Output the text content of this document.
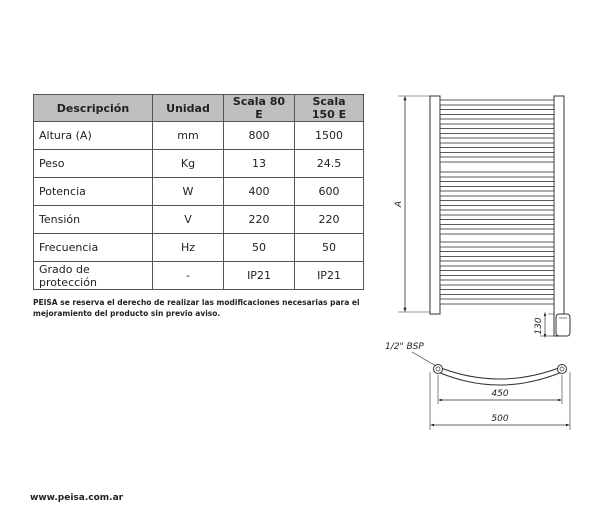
Descripción	Unidad	Scala 80 E	Scala 150 E
Altura (A)	mm	800	1500
Peso	Kg	13	24.5
Potencia	W	400	600
Tensión	V	220	220
Frecuencia	Hz	50	50
Grado de protección	-	IP21	IP21
PEISA se reserva el derecho de realizar las modificaciones necesarias para el mejoramiento del producto sin previo aviso.
A
130
1/2" BSP
450
500
www.peisa.com.ar
